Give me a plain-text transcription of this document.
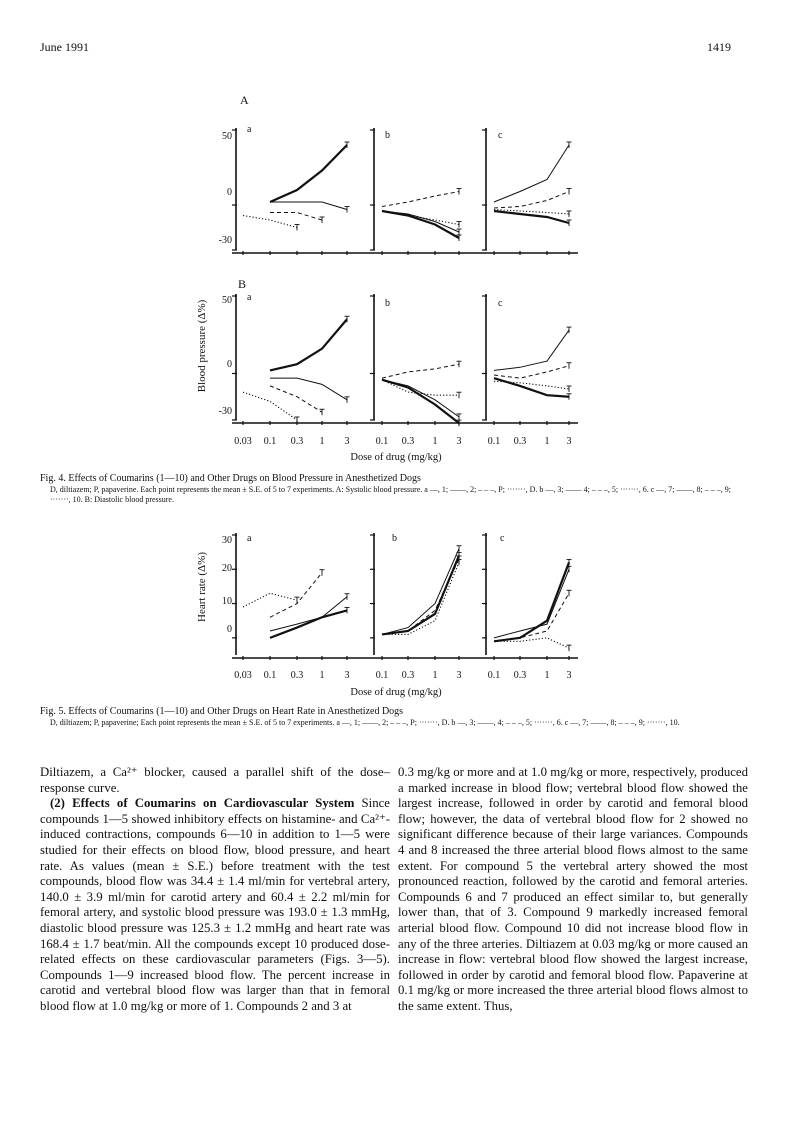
June 1991	1419
A
B
Blood pressure (Δ%)
50
0
-30
50
0
-30
a
b	c
a
b	c
0.03 0.1 0.3 1 3	0.1 0.3 1 3	0.1 0.3 1 3
Dose of drug (mg/kg)
Fig. 4. Effects of Coumarins (1—10) and Other Drugs on Blood Pressure in Anesthetized Dogs
D, diltiazem; P, papaverine. Each point represents the mean ± S.E. of 5 to 7 experiments. A: Systolic blood pressure. a —, 1; ——, 2; – – –, P; ·······, D. b —, 3; —— 4; – – –, 5; ·······, 6. c —, 7; ——, 8; – – –, 9; ·······, 10. B: Diastolic blood pressure.
Heart rate (Δ%)
30
20
10
0
a	b	c
0.03 0.1 0.3 1 3	0.1 0.3 1 3	0.1 0.3 1 3
Dose of drug (mg/kg)
Fig. 5. Effects of Coumarins (1—10) and Other Drugs on Heart Rate in Anesthetized Dogs
D, diltiazem; P, papaverine; Each point represents the mean ± S.E. of 5 to 7 experiments. a —, 1; ——, 2; – – –, P; ·······, D. b —, 3; ——, 4; – – –, 5; ·······, 6. c —, 7; ——, 8; – – –, 9; ·······, 10.

Diltiazem, a Ca²⁺ blocker, caused a parallel shift of the dose–response curve.

(2) Effects of Coumarins on Cardiovascular System Since compounds 1—5 showed inhibitory effects on histamine- and Ca²⁺-induced contractions, compounds 6—10 in addition to 1—5 were studied for their effects on blood flow, blood pressure, and heart rate. As values (mean ± S.E.) before treatment with the test compounds, blood flow was 34.4 ± 1.4 ml/min for vertebral artery, 140.0 ± 3.9 ml/min for carotid artery and 60.4 ± 2.2 ml/min for femoral artery, and systolic blood pressure was 193.0 ± 1.3 mmHg, diastolic blood pressure was 125.3 ± 1.2 mmHg and heart rate was 168.4 ± 1.7 beat/min. All the compounds except 10 produced dose-related effects on these cardiovascular parameters (Figs. 3—5). Compounds 1—9 increased blood flow. The percent increase in carotid and vertebral blood flow was larger than that in femoral blood flow at 1.0 mg/kg or more of 1. Compounds 2 and 3 at

0.3 mg/kg or more and at 1.0 mg/kg or more, respectively, produced a marked increase in blood flow; vertebral blood flow showed the largest increase, followed in order by carotid and femoral blood flow; however, the data of vertebral blood flow for 2 showed no significant difference because of their large variances. Compounds 4 and 8 increased the three arterial blood flows almost to the same extent. For compound 5 the vertebral artery showed the most pronounced reaction, followed by the carotid and femoral arteries. Compounds 6 and 7 produced an effect similar to, but generally lower than, that of 3. Compound 9 markedly increased femoral arterial blood flow. Compound 10 did not increase blood flow in any of the three arteries. Diltiazem at 0.03 mg/kg or more caused an increase in flow: vertebral blood flow showed the largest increase, followed in order by carotid and femoral blood flow. Papaverine at 0.1 mg/kg or more increased the three arterial blood flows almost to the same extent. Thus,
